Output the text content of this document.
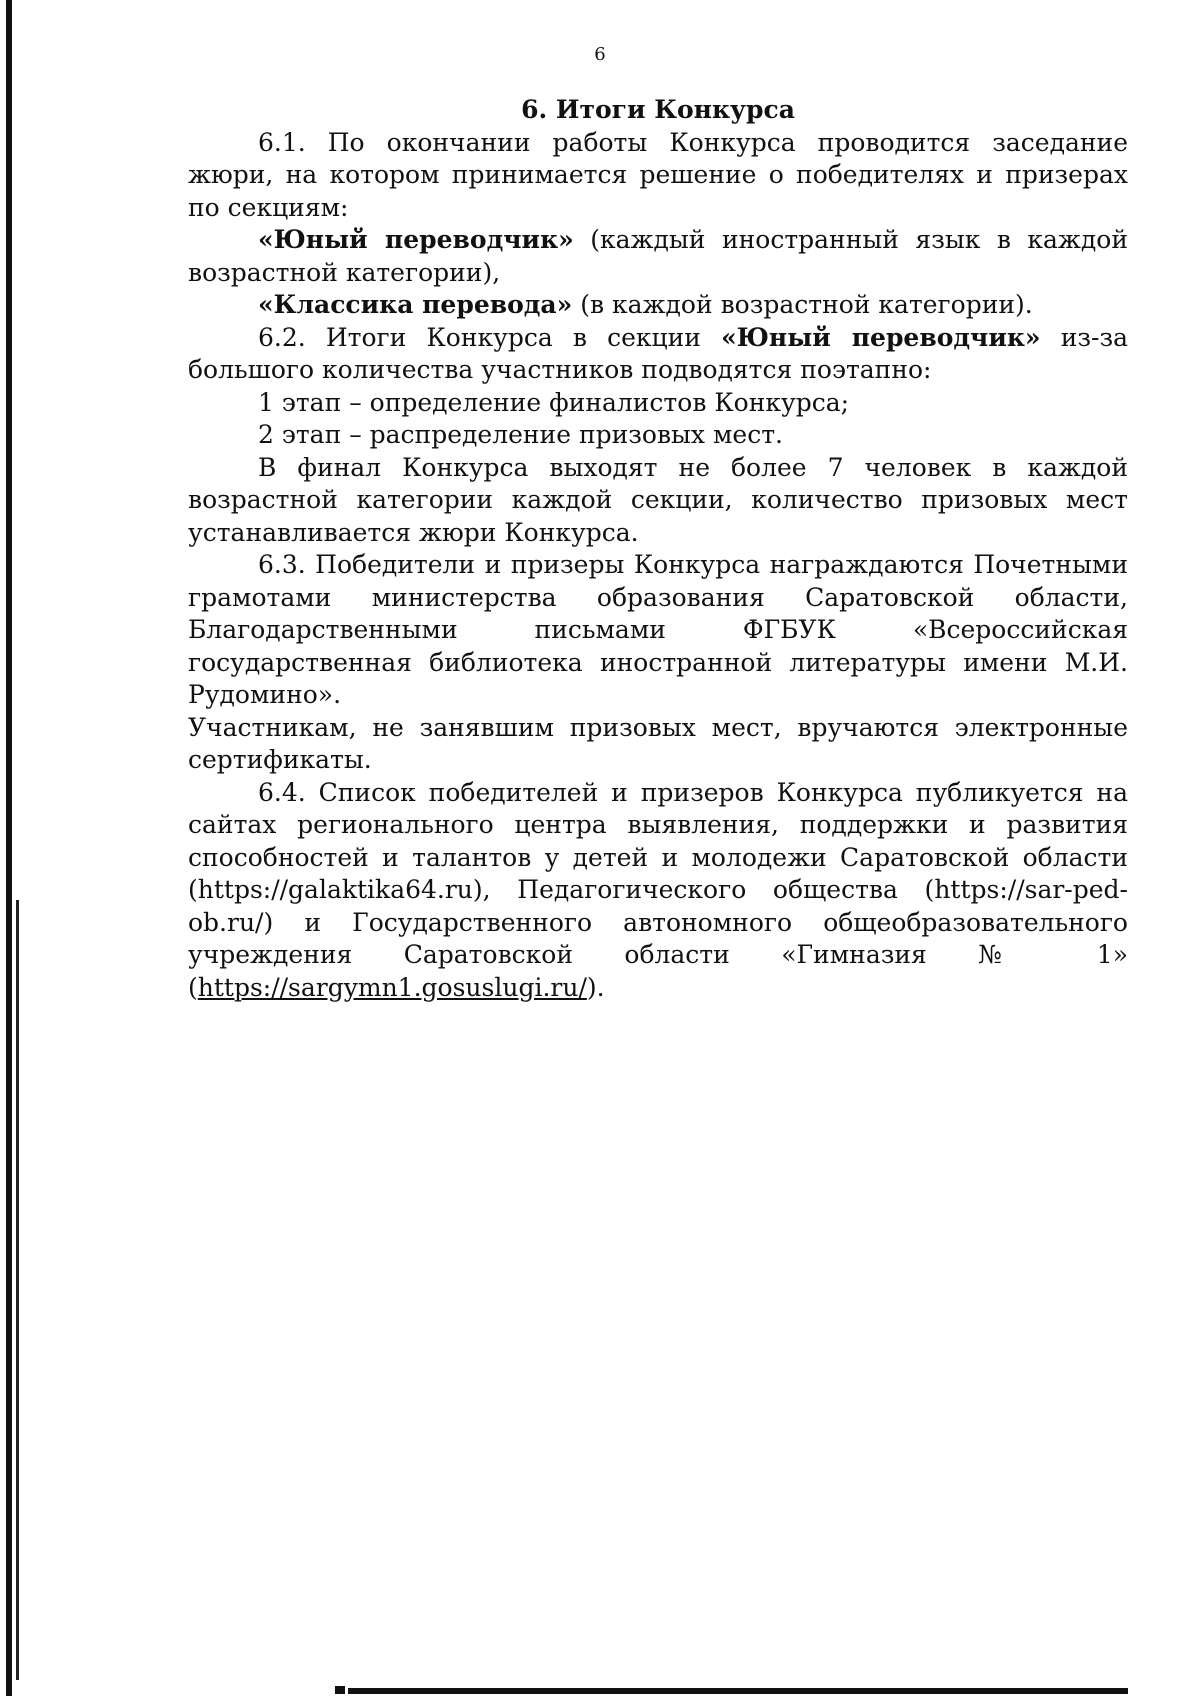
6

6. Итоги Конкурса

6.1. По окончании работы Конкурса проводится заседание жюри, на котором принимается решение о победителях и призерах по секциям:

«Юный переводчик» (каждый иностранный язык в каждой возрастной категории),

«Классика перевода» (в каждой возрастной категории).

6.2. Итоги Конкурса в секции «Юный переводчик» из-за большого количества участников подводятся поэтапно:

1 этап – определение финалистов Конкурса;

2 этап – распределение призовых мест.

В финал Конкурса выходят не более 7 человек в каждой возрастной категории каждой секции, количество призовых мест устанавливается жюри Конкурса.

6.3. Победители и призеры Конкурса награждаются Почетными грамотами министерства образования Саратовской области, Благодарственными письмами ФГБУК «Всероссийская государственная библиотека иностранной литературы имени М.И. Рудомино».

Участникам, не занявшим призовых мест, вручаются электронные сертификаты.

6.4. Список победителей и призеров Конкурса публикуется на сайтах регионального центра выявления, поддержки и развития способностей и талантов у детей и молодежи Саратовской области (https://galaktika64.ru), Педагогического общества (https://sar-ped-ob.ru/) и Государственного автономного общеобразовательного учреждения Саратовской области «Гимназия № 1» (https://sargymn1.gosuslugi.ru/).
